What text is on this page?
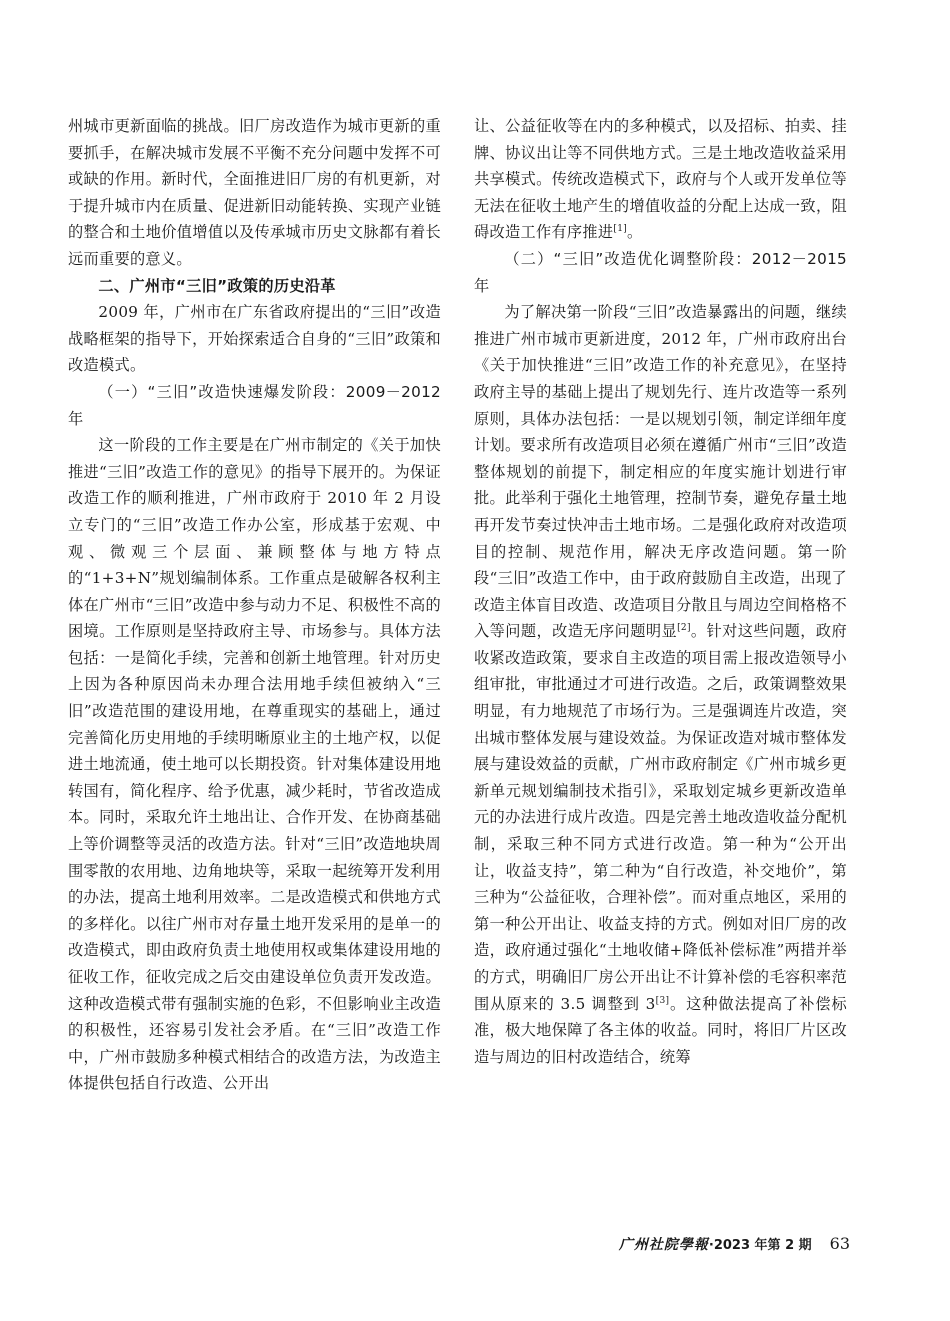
州城市更新面临的挑战。旧厂房改造作为城市更新的重要抓手，在解决城市发展不平衡不充分问题中发挥不可或缺的作用。新时代，全面推进旧厂房的有机更新，对于提升城市内在质量、促进新旧动能转换、实现产业链的整合和土地价值增值以及传承城市历史文脉都有着长远而重要的意义。

二、广州市“三旧”政策的历史沿革

2009 年，广州市在广东省政府提出的“三旧”改造战略框架的指导下，开始探索适合自身的“三旧”政策和改造模式。

（一）“三旧”改造快速爆发阶段：2009－2012 年

这一阶段的工作主要是在广州市制定的《关于加快推进“三旧”改造工作的意见》的指导下展开的。为保证改造工作的顺利推进，广州市政府于 2010 年 2 月设立专门的“三旧”改造工作办公室，形成基于宏观、中观、微观三个层面、兼顾整体与地方特点的“1+3+N”规划编制体系。工作重点是破解各权利主体在广州市“三旧”改造中参与动力不足、积极性不高的困境。工作原则是坚持政府主导、市场参与。具体方法包括：一是简化手续，完善和创新土地管理。针对历史上因为各种原因尚未办理合法用地手续但被纳入“三旧”改造范围的建设用地，在尊重现实的基础上，通过完善简化历史用地的手续明晰原业主的土地产权，以促进土地流通，使土地可以长期投资。针对集体建设用地转国有，简化程序、给予优惠，减少耗时，节省改造成本。同时，采取允许土地出让、合作开发、在协商基础上等价调整等灵活的改造方法。针对“三旧”改造地块周围零散的农用地、边角地块等，采取一起统筹开发利用的办法，提高土地利用效率。二是改造模式和供地方式的多样化。以往广州市对存量土地开发采用的是单一的改造模式，即由政府负责土地使用权或集体建设用地的征收工作，征收完成之后交由建设单位负责开发改造。这种改造模式带有强制实施的色彩，不但影响业主改造的积极性，还容易引发社会矛盾。在“三旧”改造工作中，广州市鼓励多种模式相结合的改造方法，为改造主体提供包括自行改造、公开出

让、公益征收等在内的多种模式，以及招标、拍卖、挂牌、协议出让等不同供地方式。三是土地改造收益采用共享模式。传统改造模式下，政府与个人或开发单位等无法在征收土地产生的增值收益的分配上达成一致，阻碍改造工作有序推进[1]。

（二）“三旧”改造优化调整阶段：2012－2015 年

为了解决第一阶段“三旧”改造暴露出的问题，继续推进广州市城市更新进度，2012 年，广州市政府出台《关于加快推进“三旧”改造工作的补充意见》，在坚持政府主导的基础上提出了规划先行、连片改造等一系列原则，具体办法包括：一是以规划引领，制定详细年度计划。要求所有改造项目必须在遵循广州市“三旧”改造整体规划的前提下，制定相应的年度实施计划进行审批。此举利于强化土地管理，控制节奏，避免存量土地再开发节奏过快冲击土地市场。二是强化政府对改造项目的控制、规范作用，解决无序改造问题。第一阶段“三旧”改造工作中，由于政府鼓励自主改造，出现了改造主体盲目改造、改造项目分散且与周边空间格格不入等问题，改造无序问题明显[2]。针对这些问题，政府收紧改造政策，要求自主改造的项目需上报改造领导小组审批，审批通过才可进行改造。之后，政策调整效果明显，有力地规范了市场行为。三是强调连片改造，突出城市整体发展与建设效益。为保证改造对城市整体发展与建设效益的贡献，广州市政府制定《广州市城乡更新单元规划编制技术指引》，采取划定城乡更新改造单元的办法进行成片改造。四是完善土地改造收益分配机制，采取三种不同方式进行改造。第一种为“公开出让，收益支持”，第二种为“自行改造，补交地价”，第三种为“公益征收，合理补偿”。而对重点地区，采用的第一种公开出让、收益支持的方式。例如对旧厂房的改造，政府通过强化“土地收储+降低补偿标准”两措并举的方式，明确旧厂房公开出让不计算补偿的毛容积率范围从原来的 3.5 调整到 3[3]。这种做法提高了补偿标准，极大地保障了各主体的收益。同时，将旧厂片区改造与周边的旧村改造结合，统筹

广州社院學報·2023 年第 2 期 63
